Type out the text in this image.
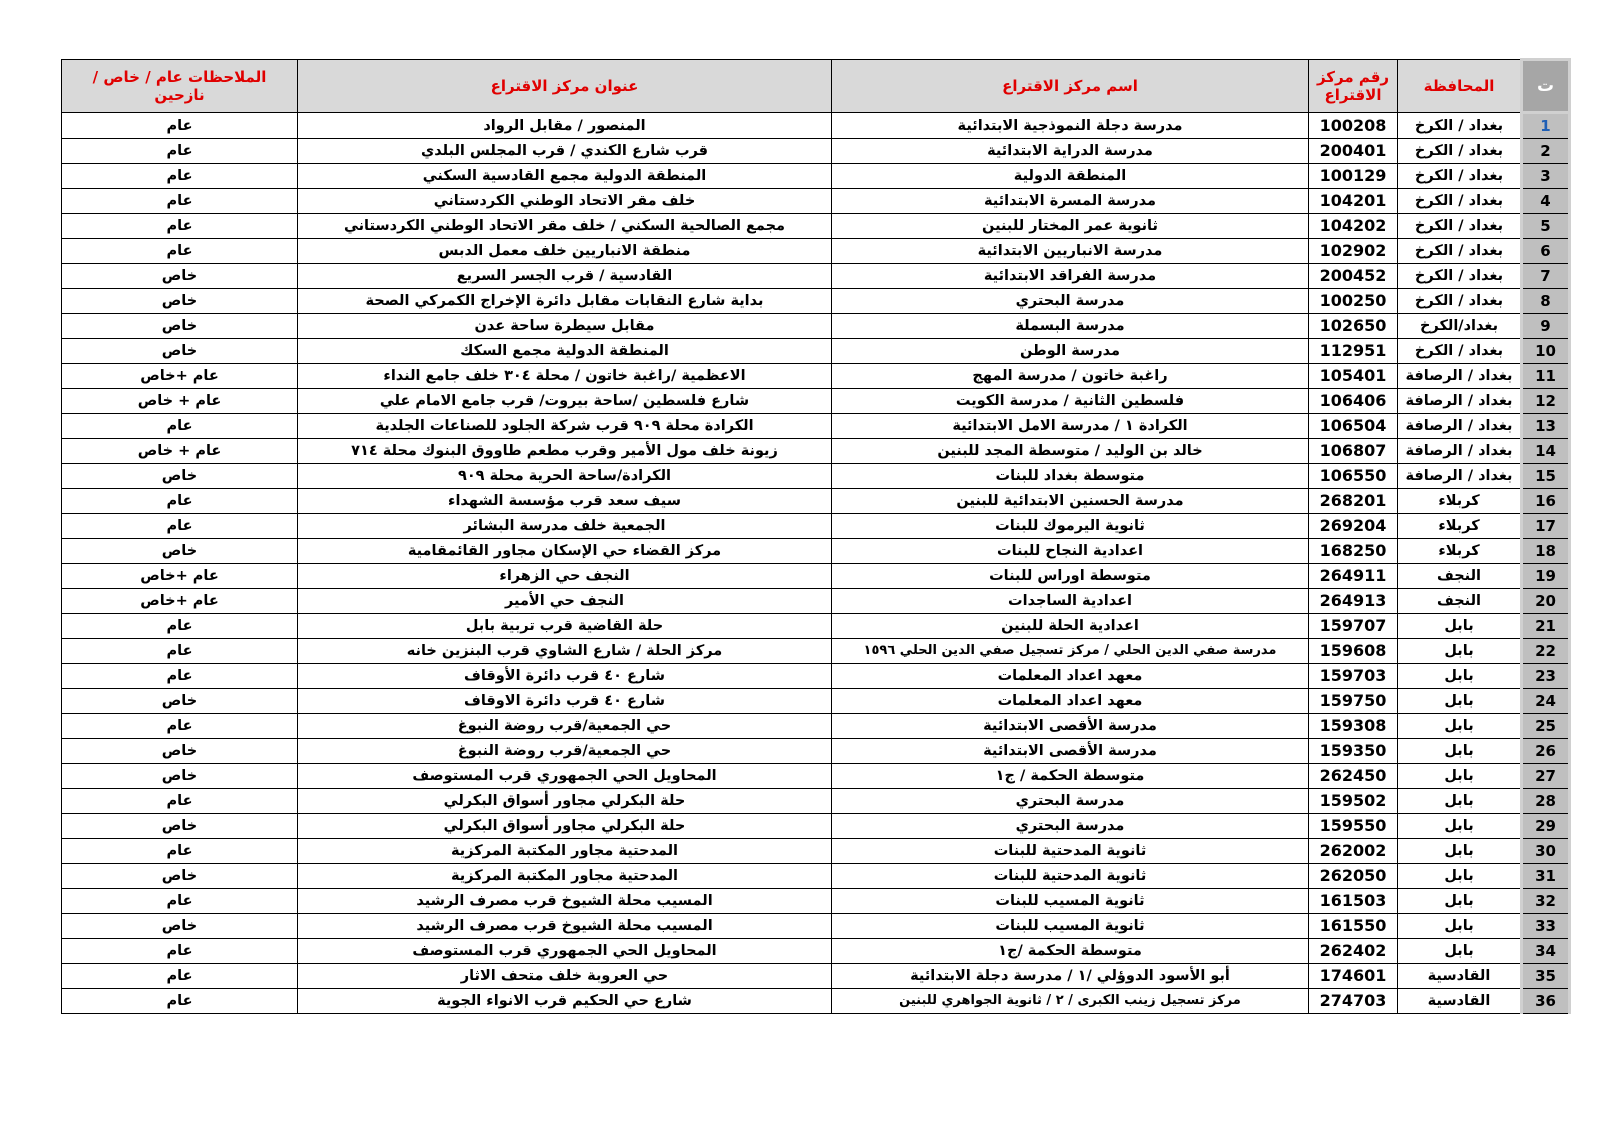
ت	المحافظة	رقم مركز الاقتراع	اسم مركز الاقتراع	عنوان مركز الاقتراع	الملاحظات عام / خاص / نازحين
1	بغداد / الكرخ	100208	مدرسة دجلة النموذجية الابتدائية	المنصور / مقابل الرواد	عام
2	بغداد / الكرخ	200401	مدرسة الدراية الابتدائية	قرب شارع الكندي / قرب المجلس البلدي	عام
3	بغداد / الكرخ	100129	المنطقة الدولية	المنطقة الدولية مجمع القادسية السكني	عام
4	بغداد / الكرخ	104201	مدرسة المسرة الابتدائية	خلف مقر الاتحاد الوطني الكردستاني	عام
5	بغداد / الكرخ	104202	ثانوية عمر المختار للبنين	مجمع الصالحية السكني / خلف مقر الاتحاد الوطني الكردستاني	عام
6	بغداد / الكرخ	102902	مدرسة الانباريين الابتدائية	منطقة الانباريين خلف معمل الدبس	عام
7	بغداد / الكرخ	200452	مدرسة الفراقد الابتدائية	القادسية / قرب الجسر السريع	خاص
8	بغداد / الكرخ	100250	مدرسة البحتري	بداية شارع النقابات مقابل دائرة الإخراج الكمركي الصحة	خاص
9	بغداد/الكرخ	102650	مدرسة البسملة	مقابل سيطرة ساحة عدن	خاص
10	بغداد / الكرخ	112951	مدرسة الوطن	المنطقة الدولية مجمع السكك	خاص
11	بغداد / الرصافة	105401	راغبة خاتون / مدرسة المهج	الاعظمية /راغبة خاتون / محلة ٣٠٤ خلف جامع النداء	عام +خاص
12	بغداد / الرصافة	106406	فلسطين الثانية / مدرسة الكويت	شارع فلسطين /ساحة بيروت/ قرب جامع الامام علي	عام + خاص
13	بغداد / الرصافة	106504	الكرادة ١ / مدرسة الامل الابتدائية	الكرادة محلة ٩٠٩ قرب شركة الجلود للصناعات الجلدية	عام
14	بغداد / الرصافة	106807	خالد بن الوليد / متوسطة المجد للبنين	زيونة خلف مول الأمير وقرب مطعم طاووق البنوك محلة ٧١٤	عام + خاص
15	بغداد / الرصافة	106550	متوسطة بغداد للبنات	الكرادة/ساحة الحرية محلة ٩٠٩	خاص
16	كربلاء	268201	مدرسة الحسنين الابتدائية للبنين	سيف سعد قرب مؤسسة الشهداء	عام
17	كربلاء	269204	ثانوية اليرموك للبنات	الجمعية خلف مدرسة البشائر	عام
18	كربلاء	168250	اعدادية النجاح للبنات	مركز القضاء حي الإسكان مجاور القائمقامية	خاص
19	النجف	264911	متوسطة اوراس للبنات	النجف حي الزهراء	عام +خاص
20	النجف	264913	اعدادية الساجدات	النجف حي الأمير	عام +خاص
21	بابل	159707	اعدادية الحلة للبنين	حلة القاضية قرب تربية بابل	عام
22	بابل	159608	مدرسة صفي الدين الحلي / مركز تسجيل صفي الدين الحلي ١٥٩٦	مركز الحلة / شارع الشاوي قرب البنزين خانه	عام
23	بابل	159703	معهد اعداد المعلمات	شارع ٤٠ قرب دائرة الأوقاف	عام
24	بابل	159750	معهد اعداد المعلمات	شارع ٤٠ قرب دائرة الاوقاف	خاص
25	بابل	159308	مدرسة الأقصى الابتدائية	حي الجمعية/قرب روضة النبوغ	عام
26	بابل	159350	مدرسة الأقصى الابتدائية	حي الجمعية/قرب روضة النبوغ	خاص
27	بابل	262450	متوسطة الحكمة / ج١	المحاويل الحي الجمهوري قرب المستوصف	خاص
28	بابل	159502	مدرسة البحتري	حلة البكرلي مجاور أسواق البكرلي	عام
29	بابل	159550	مدرسة البحتري	حلة البكرلي مجاور أسواق البكرلي	خاص
30	بابل	262002	ثانوية المدحتية للبنات	المدحتية مجاور المكتبة المركزية	عام
31	بابل	262050	ثانوية المدحتية للبنات	المدحتية مجاور المكتبة المركزية	خاص
32	بابل	161503	ثانوية المسيب للبنات	المسيب محلة الشيوخ قرب مصرف الرشيد	عام
33	بابل	161550	ثانوية المسيب للبنات	المسيب محلة الشيوخ قرب مصرف الرشيد	خاص
34	بابل	262402	متوسطة الحكمة /ج١	المحاويل الحي الجمهوري قرب المستوصف	عام
35	القادسية	174601	أبو الأسود الدوؤلي /١ / مدرسة دجلة الابتدائية	حي العروبة خلف متحف الاثار	عام
36	القادسية	274703	مركز تسجيل زينب الكبرى / ٢ / ثانوية الجواهري للبنين	شارع حي الحكيم قرب الانواء الجوية	عام
